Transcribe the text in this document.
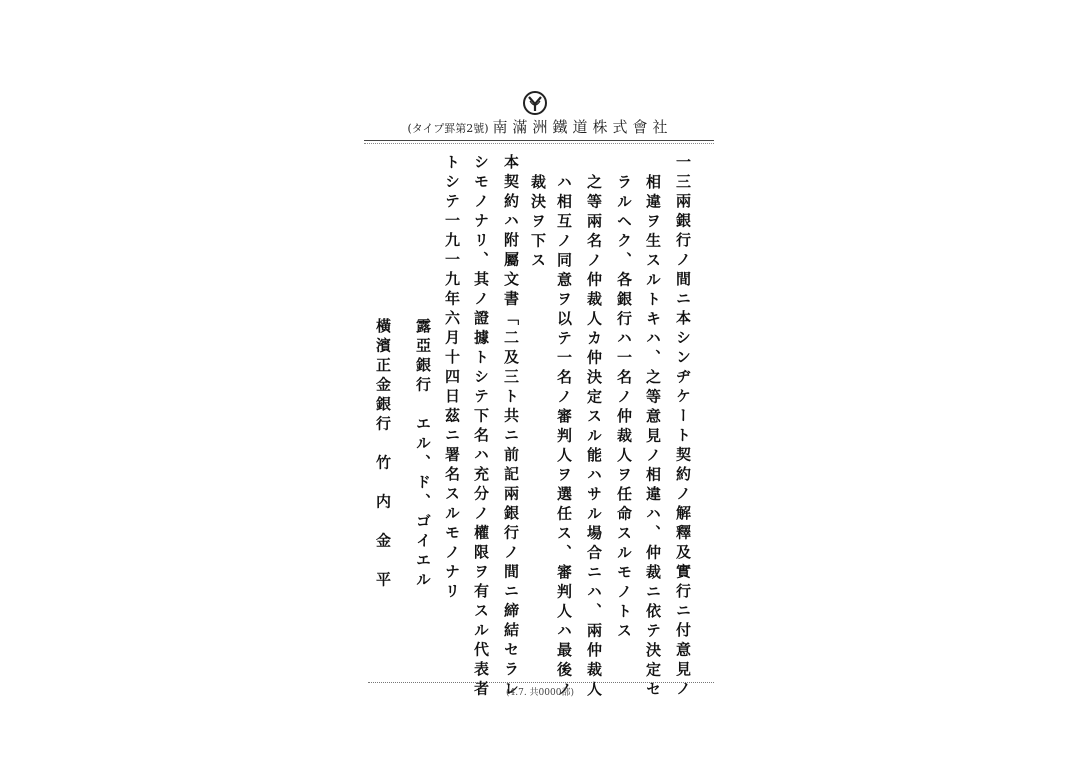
(タイプ罫第2號) 南滿洲鐵道株式會社
一三兩銀行ノ間ニ本シンヂケート契約ノ解釋及實行ニ付意見ノ
相違ヲ生スルトキハ、之等意見ノ相違ハ、仲裁ニ依テ決定セ
ラルヘク、各銀行ハ一名ノ仲裁人ヲ任命スルモノトス
之等兩名ノ仲裁人カ仲決定スル能ハサル場合ニハ、兩仲裁人
ハ相互ノ同意ヲ以テ一名ノ審判人ヲ選任ス、審判人ハ最後ノ
裁決ヲ下ス
本契約ハ附屬文書「二及三ト共ニ前記兩銀行ノ間ニ締結セラレ
シモノナリ、其ノ證據トシテ下名ハ充分ノ權限ヲ有スル代表者
トシテ一九一九年六月十四日茲ニ署名スルモノナリ
露亞銀行　エル、ド、ゴイエル
橫濱正金銀行　竹　内　金　平
(4.7. 共0000部)
